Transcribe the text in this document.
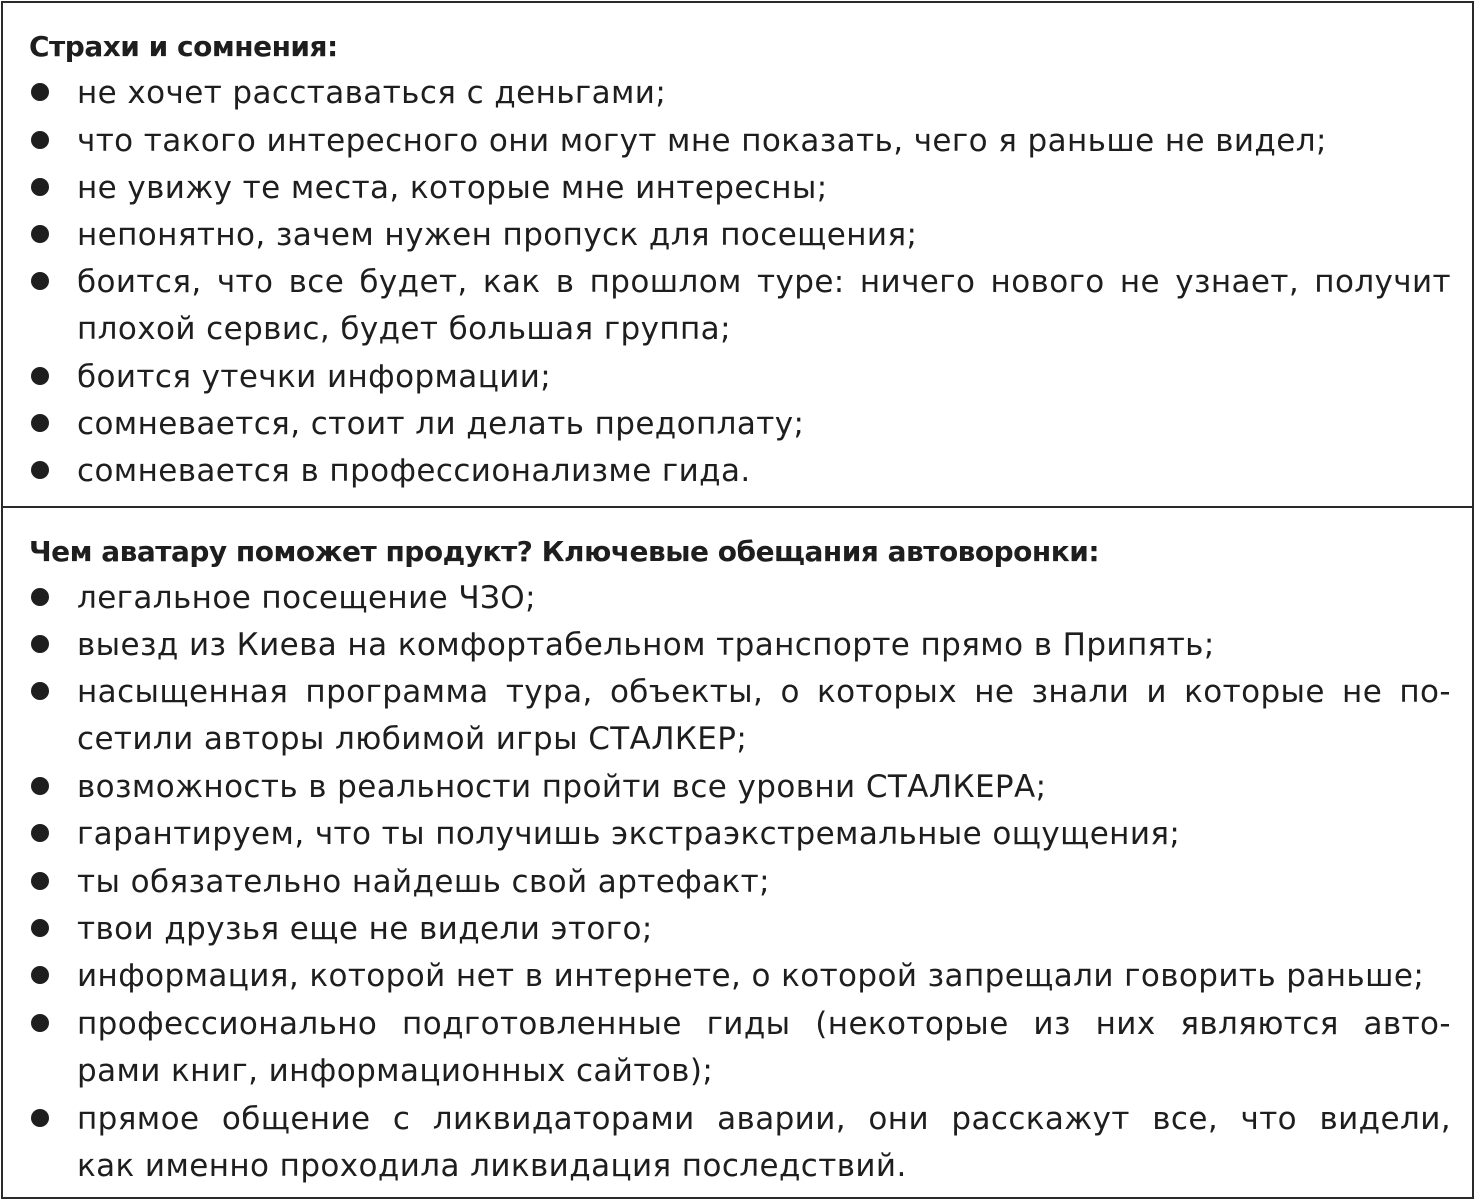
Страхи и сомнения:
не хочет расставаться с деньгами;
что такого интересного они могут мне показать, чего я раньше не видел;
не увижу те места, которые мне интересны;
непонятно, зачем нужен пропуск для посещения;
боится, что все будет, как в прошлом туре: ничего нового не узнает, получит
плохой сервис, будет большая группа;
боится утечки информации;
сомневается, стоит ли делать предоплату;
сомневается в профессионализме гида.
Чем аватару поможет продукт? Ключевые обещания автоворонки:
легальное посещение ЧЗО;
выезд из Киева на комфортабельном транспорте прямо в Припять;
насыщенная программа тура, объекты, о которых не знали и которые не по-
сетили авторы любимой игры СТАЛКЕР;
возможность в реальности пройти все уровни СТАЛКЕРА;
гарантируем, что ты получишь экстраэкстремальные ощущения;
ты обязательно найдешь свой артефакт;
твои друзья еще не видели этого;
информация, которой нет в интернете, о которой запрещали говорить раньше;
профессионально подготовленные гиды (некоторые из них являются авто-
рами книг, информационных сайтов);
прямое общение с ликвидаторами аварии, они расскажут все, что видели,
как именно проходила ликвидация последствий.
